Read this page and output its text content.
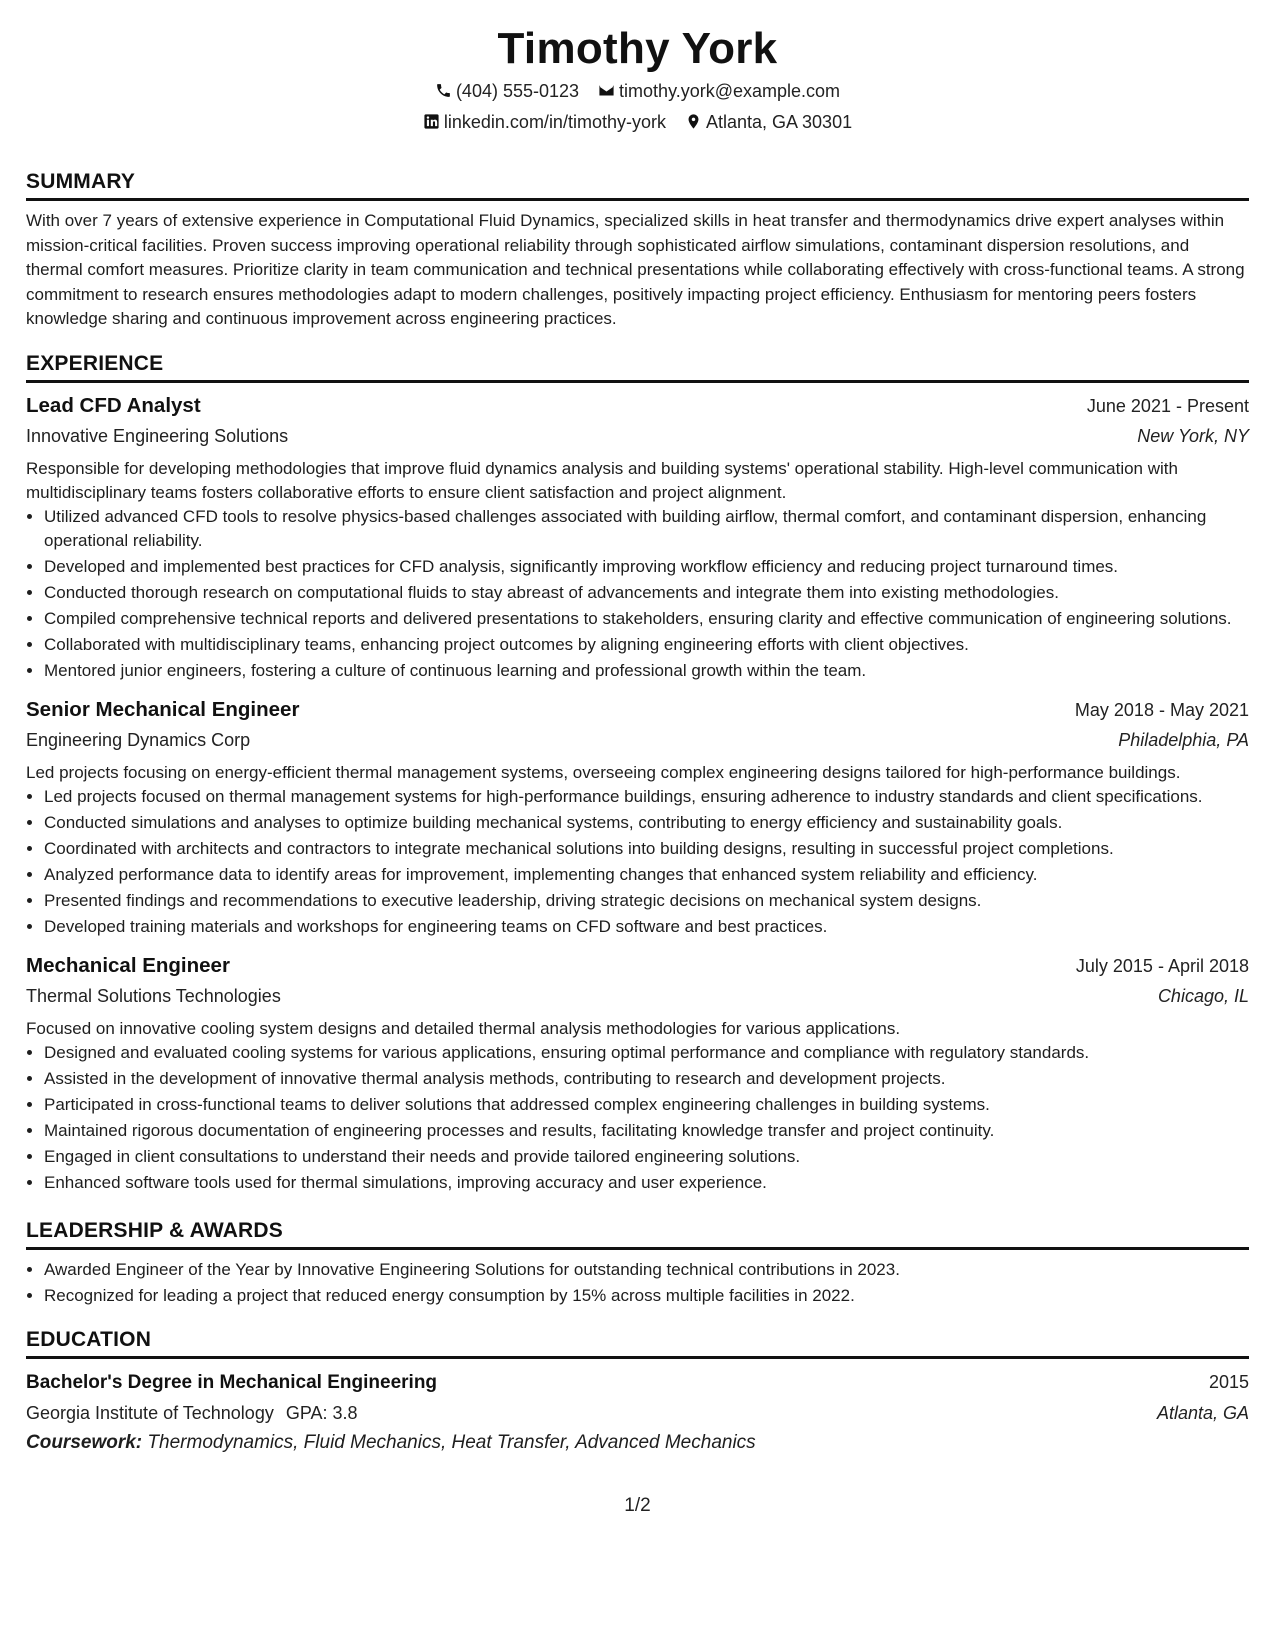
Timothy York
(404) 555-0123 timothy.york@example.com
linkedin.com/in/timothy-york Atlanta, GA 30301
SUMMARY
With over 7 years of extensive experience in Computational Fluid Dynamics, specialized skills in heat transfer and thermodynamics drive expert analyses within mission-critical facilities. Proven success improving operational reliability through sophisticated airflow simulations, contaminant dispersion resolutions, and thermal comfort measures. Prioritize clarity in team communication and technical presentations while collaborating effectively with cross-functional teams. A strong commitment to research ensures methodologies adapt to modern challenges, positively impacting project efficiency. Enthusiasm for mentoring peers fosters knowledge sharing and continuous improvement across engineering practices.
EXPERIENCE
Lead CFD Analyst	June 2021 - Present
Innovative Engineering Solutions	New York, NY
Responsible for developing methodologies that improve fluid dynamics analysis and building systems' operational stability. High-level communication with multidisciplinary teams fosters collaborative efforts to ensure client satisfaction and project alignment.
• Utilized advanced CFD tools to resolve physics-based challenges associated with building airflow, thermal comfort, and contaminant dispersion, enhancing operational reliability.
• Developed and implemented best practices for CFD analysis, significantly improving workflow efficiency and reducing project turnaround times.
• Conducted thorough research on computational fluids to stay abreast of advancements and integrate them into existing methodologies.
• Compiled comprehensive technical reports and delivered presentations to stakeholders, ensuring clarity and effective communication of engineering solutions.
• Collaborated with multidisciplinary teams, enhancing project outcomes by aligning engineering efforts with client objectives.
• Mentored junior engineers, fostering a culture of continuous learning and professional growth within the team.
Senior Mechanical Engineer	May 2018 - May 2021
Engineering Dynamics Corp	Philadelphia, PA
Led projects focusing on energy-efficient thermal management systems, overseeing complex engineering designs tailored for high-performance buildings.
• Led projects focused on thermal management systems for high-performance buildings, ensuring adherence to industry standards and client specifications.
• Conducted simulations and analyses to optimize building mechanical systems, contributing to energy efficiency and sustainability goals.
• Coordinated with architects and contractors to integrate mechanical solutions into building designs, resulting in successful project completions.
• Analyzed performance data to identify areas for improvement, implementing changes that enhanced system reliability and efficiency.
• Presented findings and recommendations to executive leadership, driving strategic decisions on mechanical system designs.
• Developed training materials and workshops for engineering teams on CFD software and best practices.
Mechanical Engineer	July 2015 - April 2018
Thermal Solutions Technologies	Chicago, IL
Focused on innovative cooling system designs and detailed thermal analysis methodologies for various applications.
• Designed and evaluated cooling systems for various applications, ensuring optimal performance and compliance with regulatory standards.
• Assisted in the development of innovative thermal analysis methods, contributing to research and development projects.
• Participated in cross-functional teams to deliver solutions that addressed complex engineering challenges in building systems.
• Maintained rigorous documentation of engineering processes and results, facilitating knowledge transfer and project continuity.
• Engaged in client consultations to understand their needs and provide tailored engineering solutions.
• Enhanced software tools used for thermal simulations, improving accuracy and user experience.
LEADERSHIP & AWARDS
• Awarded Engineer of the Year by Innovative Engineering Solutions for outstanding technical contributions in 2023.
• Recognized for leading a project that reduced energy consumption by 15% across multiple facilities in 2022.
EDUCATION
Bachelor's Degree in Mechanical Engineering	2015
Georgia Institute of Technology GPA: 3.8	Atlanta, GA
Coursework: Thermodynamics, Fluid Mechanics, Heat Transfer, Advanced Mechanics
1/2
